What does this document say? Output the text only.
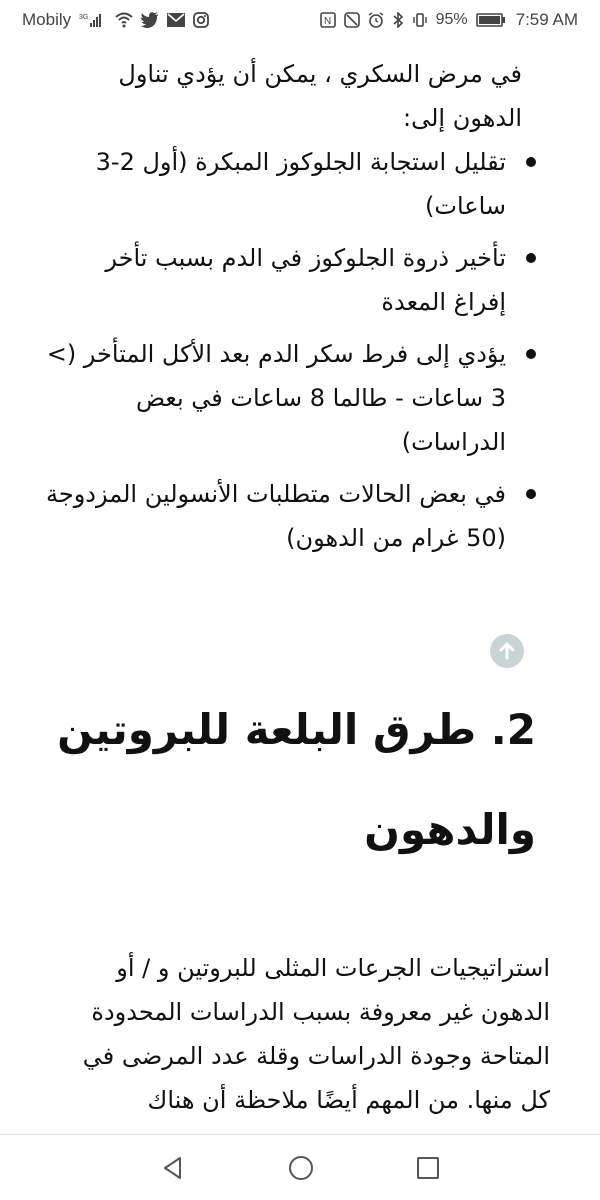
Mobily 3G	N	95%	7:59 AM

في مرض السكري ، يمكن أن يؤدي تناول الدهون إلى:

تقليل استجابة الجلوكوز المبكرة (أول 2-3 ساعات)
تأخير ذروة الجلوكوز في الدم بسبب تأخر إفراغ المعدة
يؤدي إلى فرط سكر الدم بعد الأكل المتأخر (> 3 ساعات - طالما 8 ساعات في بعض الدراسات)
في بعض الحالات متطلبات الأنسولين المزدوجة (50 غرام من الدهون)
2. طرق البلعة للبروتين والدهون

استراتيجيات الجرعات المثلى للبروتين و / أو الدهون غير معروفة بسبب الدراسات المحدودة المتاحة وجودة الدراسات وقلة عدد المرضى في كل منها. من المهم أيضًا ملاحظة أن هناك
